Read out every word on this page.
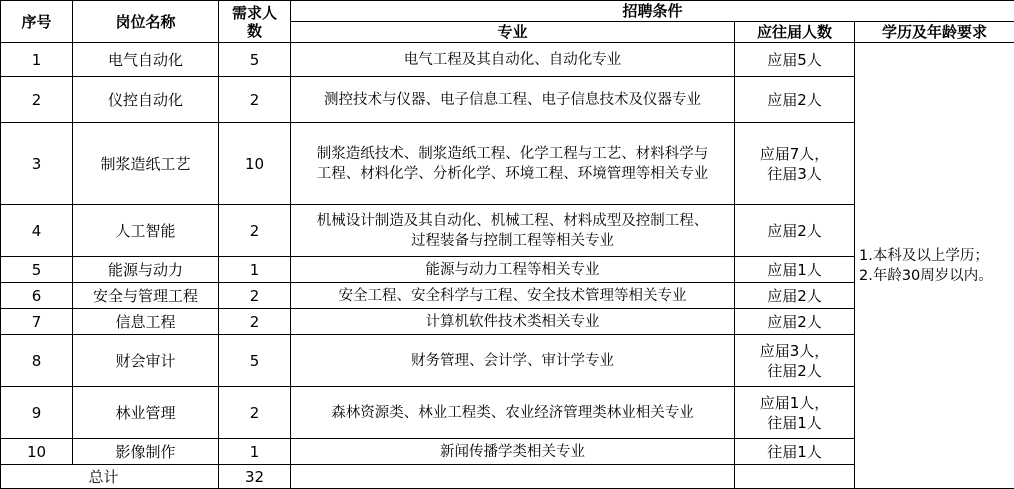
序号	岗位名称	需求人
数	招聘条件		
			专业	应往届人数	学历及年龄要求
1	电气自动化	5	电气工程及其自动化、自动化专业	应届5人	1.本科及以上学历；
2.年龄30周岁以内。

2	仪控自动化	2	测控技术与仪器、电子信息工程、电子信息技术及仪器专业	应届2人	
3	制浆造纸工艺	10	制浆造纸技术、制浆造纸工程、化学工程与工艺、材料科学与
工程、材料化学、分析化学、环境工程、环境管理等相关专业	应届7人，
往届3人	

4	人工智能	2	机械设计制造及其自动化、机械工程、材料成型及控制工程、
过程装备与控制工程等相关专业	应届2人	
5	能源与动力	1	能源与动力工程等相关专业	应届1人	
6	安全与管理工程	2	安全工程、安全科学与工程、安全技术管理等相关专业	应届2人	
7	信息工程	2	计算机软件技术类相关专业	应届2人	
8	财会审计	5	财务管理、会计学、审计学专业	应届3人，
往届2人	

9	林业管理	2	森林资源类、林业工程类、农业经济管理类林业相关专业	应届1人，
往届1人	

10	影像制作	1	新闻传播学类相关专业	往届1人	
	总计	32			
